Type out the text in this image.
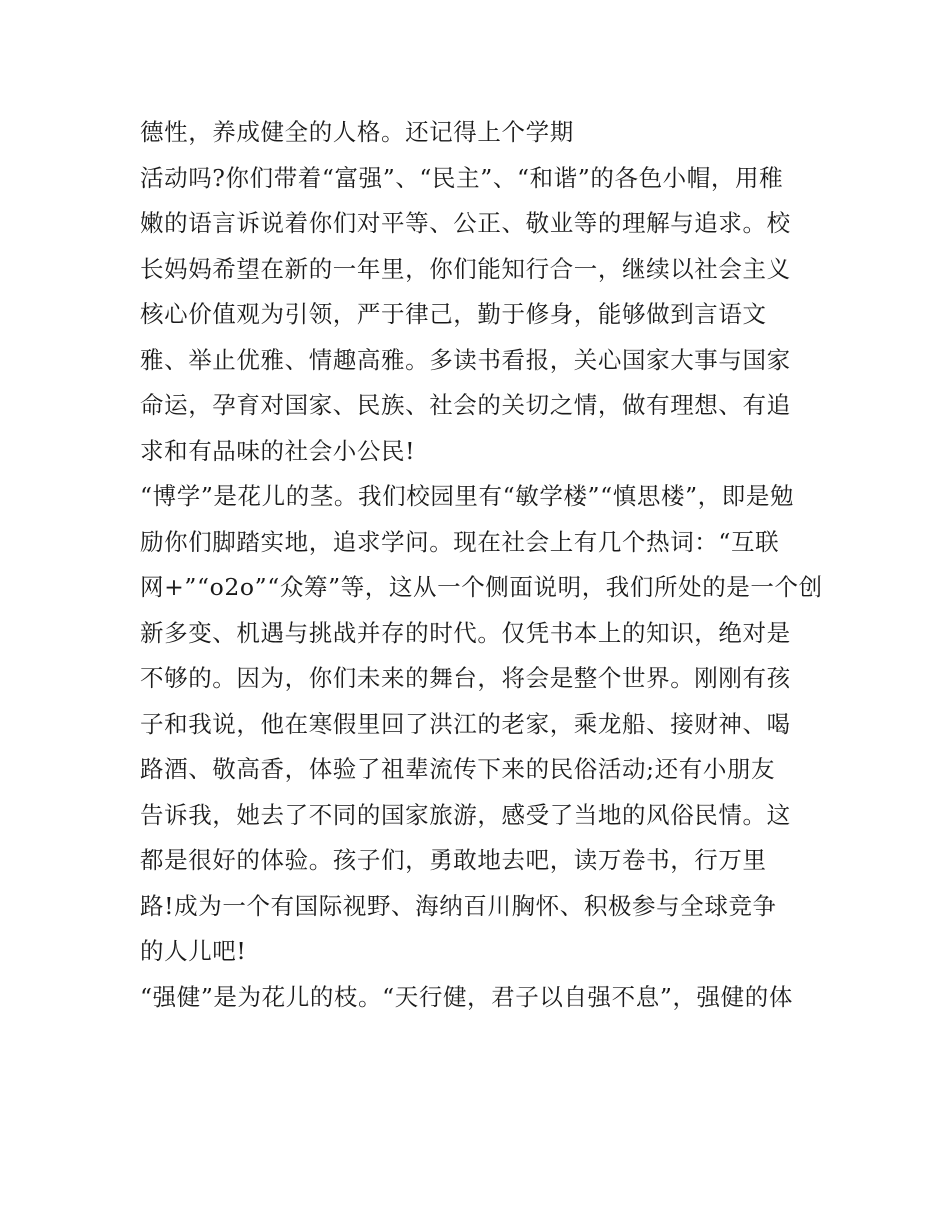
德性，养成健全的人格。还记得上个学期
活动吗?你们带着“富强”、“民主”、“和谐”的各色小帽，用稚
嫩的语言诉说着你们对平等、公正、敬业等的理解与追求。校
长妈妈希望在新的一年里，你们能知行合一，继续以社会主义
核心价值观为引领，严于律己，勤于修身，能够做到言语文
雅、举止优雅、情趣高雅。多读书看报，关心国家大事与国家
命运，孕育对国家、民族、社会的关切之情，做有理想、有追
求和有品味的社会小公民!
“博学”是花儿的茎。我们校园里有“敏学楼”“慎思楼”，即是勉
励你们脚踏实地，追求学问。现在社会上有几个热词：“互联
网+”“o2o”“众筹”等，这从一个侧面说明，我们所处的是一个创
新多变、机遇与挑战并存的时代。仅凭书本上的知识，绝对是
不够的。因为，你们未来的舞台，将会是整个世界。刚刚有孩
子和我说，他在寒假里回了洪江的老家，乘龙船、接财神、喝
路酒、敬高香，体验了祖辈流传下来的民俗活动;还有小朋友
告诉我，她去了不同的国家旅游，感受了当地的风俗民情。这
都是很好的体验。孩子们，勇敢地去吧，读万卷书，行万里
路!成为一个有国际视野、海纳百川胸怀、积极参与全球竞争
的人儿吧!
“强健”是为花儿的枝。“天行健，君子以自强不息”，强健的体
